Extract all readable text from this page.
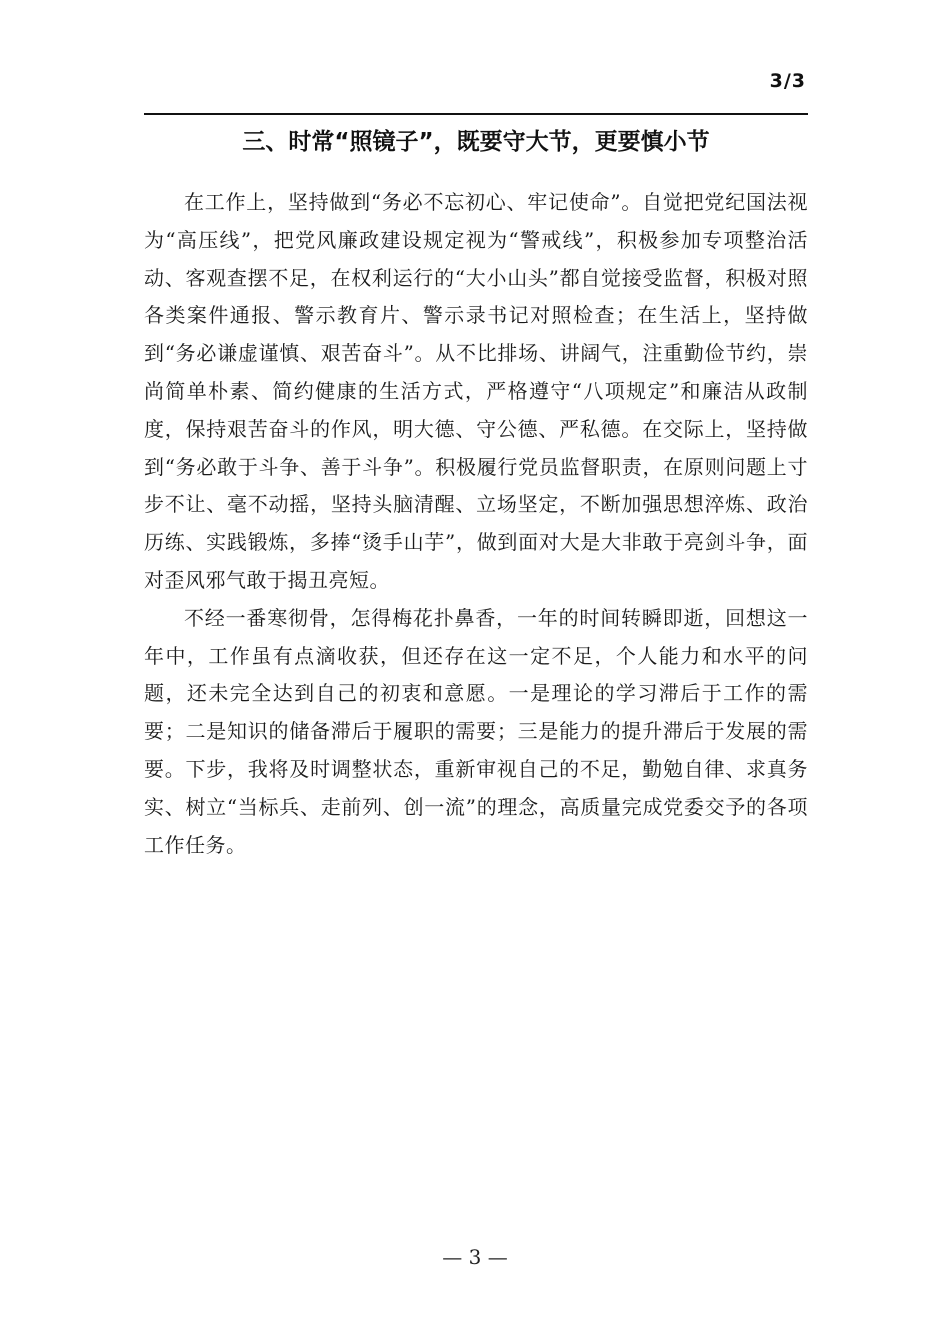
3/3
三、时常“照镜子”，既要守大节，更要慎小节

在工作上，坚持做到“务必不忘初心、牢记使命”。自觉把党纪国法视为“高压线”，把党风廉政建设规定视为“警戒线”，积极参加专项整治活动、客观查摆不足，在权利运行的“大小山头”都自觉接受监督，积极对照各类案件通报、警示教育片、警示录书记对照检查；在生活上，坚持做到“务必谦虚谨慎、艰苦奋斗”。从不比排场、讲阔气，注重勤俭节约，崇尚简单朴素、简约健康的生活方式，严格遵守“八项规定”和廉洁从政制度，保持艰苦奋斗的作风，明大德、守公德、严私德。在交际上，坚持做到“务必敢于斗争、善于斗争”。积极履行党员监督职责，在原则问题上寸步不让、毫不动摇，坚持头脑清醒、立场坚定，不断加强思想淬炼、政治历练、实践锻炼，多捧“烫手山芋”，做到面对大是大非敢于亮剑斗争，面对歪风邪气敢于揭丑亮短。

不经一番寒彻骨，怎得梅花扑鼻香，一年的时间转瞬即逝，回想这一年中，工作虽有点滴收获，但还存在这一定不足，个人能力和水平的问题，还未完全达到自己的初衷和意愿。一是理论的学习滞后于工作的需要；二是知识的储备滞后于履职的需要；三是能力的提升滞后于发展的需要。下步，我将及时调整状态，重新审视自己的不足，勤勉自律、求真务实、树立“当标兵、走前列、创一流”的理念，高质量完成党委交予的各项工作任务。

— 3 —
